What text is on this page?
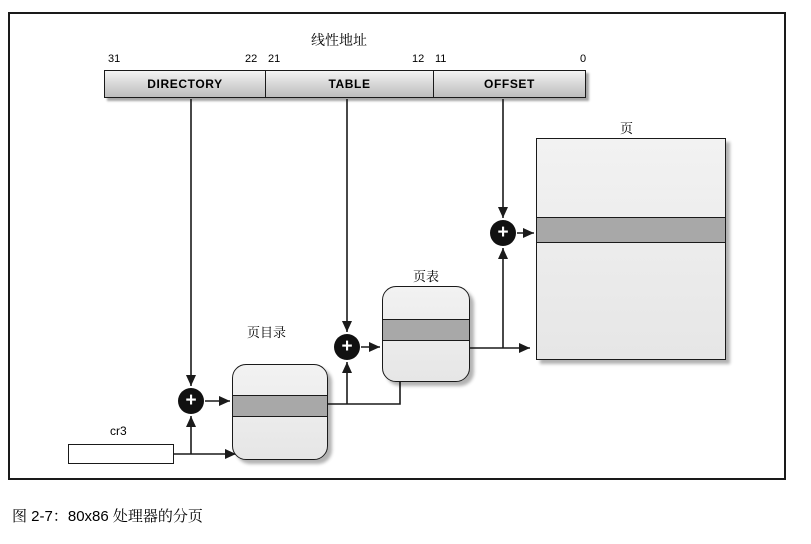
线性地址
31	22 21	12 11	0
DIRECTORY	TABLE	OFFSET
页目录
页表
页
cr3
+
+
+
图 2-7：80x86 处理器的分页
